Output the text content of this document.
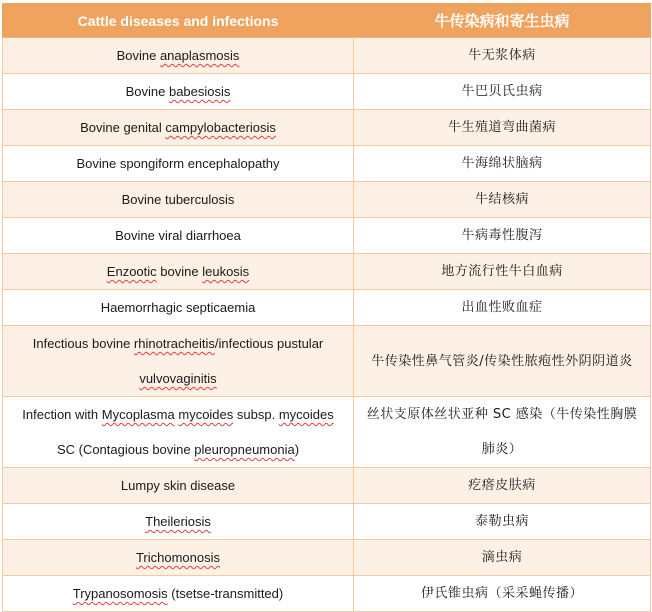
Cattle diseases and infections	牛传染病和寄生虫病
Bovine anaplasmosis	牛无浆体病
Bovine babesiosis	牛巴贝氏虫病
Bovine genital campylobacteriosis	牛生殖道弯曲菌病
Bovine spongiform encephalopathy	牛海绵状脑病
Bovine tuberculosis	牛结核病
Bovine viral diarrhoea	牛病毒性腹泻
Enzootic bovine leukosis	地方流行性牛白血病
Haemorrhagic septicaemia	出血性败血症
Infectious bovine rhinotracheitis/infectious pustular vulvovaginitis	牛传染性鼻气管炎/传染性脓疱性外阴阴道炎
Infection with Mycoplasma mycoides subsp. mycoides SC (Contagious bovine pleuropneumonia)	丝状支原体丝状亚种 SC 感染（牛传染性胸膜肺炎）
Lumpy skin disease	疙瘩皮肤病
Theileriosis	泰勒虫病
Trichomonosis	滴虫病
Trypanosomosis (tsetse-transmitted)	伊氏锥虫病（采采蝇传播）
